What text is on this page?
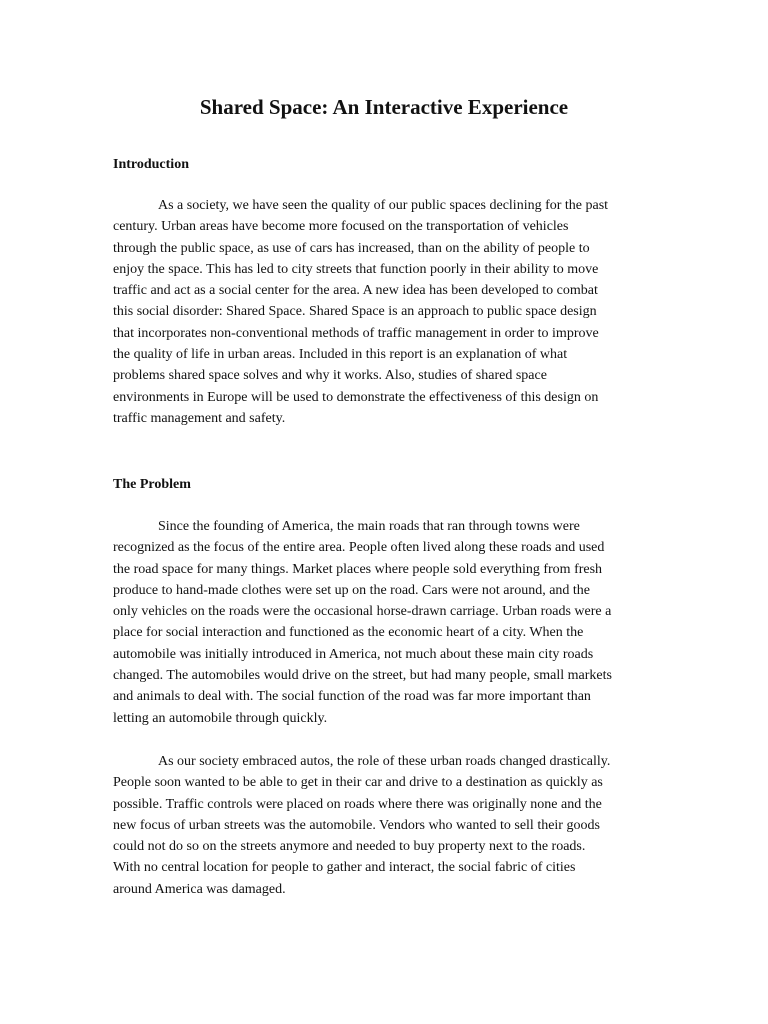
Shared Space: An Interactive Experience
Introduction
As a society, we have seen the quality of our public spaces declining for the past
century. Urban areas have become more focused on the transportation of vehicles
through the public space, as use of cars has increased, than on the ability of people to
enjoy the space. This has led to city streets that function poorly in their ability to move
traffic and act as a social center for the area. A new idea has been developed to combat
this social disorder: Shared Space. Shared Space is an approach to public space design
that incorporates non-conventional methods of traffic management in order to improve
the quality of life in urban areas. Included in this report is an explanation of what
problems shared space solves and why it works. Also, studies of shared space
environments in Europe will be used to demonstrate the effectiveness of this design on
traffic management and safety.
The Problem
Since the founding of America, the main roads that ran through towns were
recognized as the focus of the entire area. People often lived along these roads and used
the road space for many things. Market places where people sold everything from fresh
produce to hand-made clothes were set up on the road. Cars were not around, and the
only vehicles on the roads were the occasional horse-drawn carriage. Urban roads were a
place for social interaction and functioned as the economic heart of a city. When the
automobile was initially introduced in America, not much about these main city roads
changed. The automobiles would drive on the street, but had many people, small markets
and animals to deal with. The social function of the road was far more important than
letting an automobile through quickly.
As our society embraced autos, the role of these urban roads changed drastically.
People soon wanted to be able to get in their car and drive to a destination as quickly as
possible. Traffic controls were placed on roads where there was originally none and the
new focus of urban streets was the automobile. Vendors who wanted to sell their goods
could not do so on the streets anymore and needed to buy property next to the roads.
With no central location for people to gather and interact, the social fabric of cities
around America was damaged.
